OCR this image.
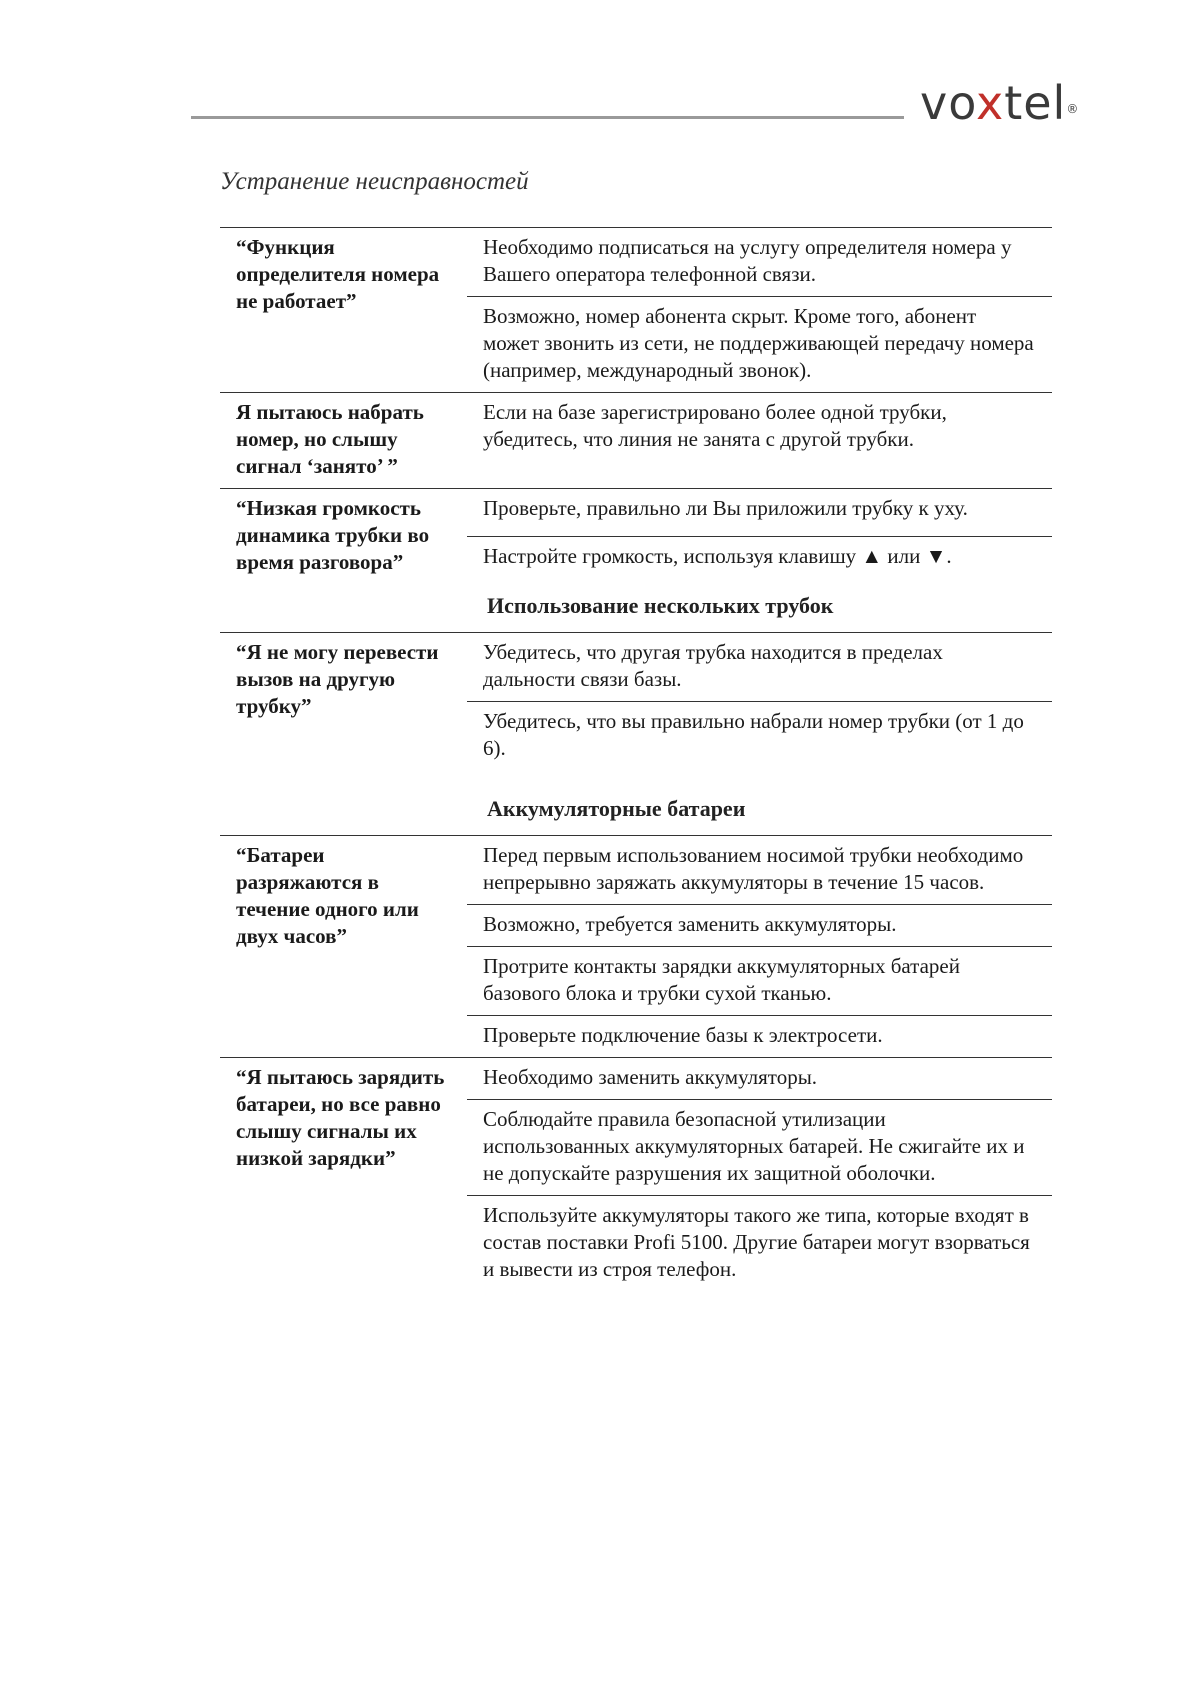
voxtel®
Устранение неисправностей
“Функция определителя номера не работает”	Необходимо подписаться на услугу определителя номера у Вашего оператора телефонной связи.
	Возможно, номер абонента скрыт. Кроме того, абонент может звонить из сети, не поддерживающей передачу номера (например, международный звонок).
Я пытаюсь набрать номер, но слышу сигнал ‘занято’ ”	Если на базе зарегистрировано более одной трубки, убедитесь, что линия не занята с другой трубки.
“Низкая громкость динамика трубки во время разговора”	Проверьте, правильно ли Вы приложили трубку к уху.
	Настройте громкость, используя клавишу ▲ или ▼.
Использование нескольких трубок
“Я не могу перевести вызов на другую трубку”	Убедитесь, что другая трубка находится в пределах дальности связи базы.
Убедитесь, что вы правильно набрали номер трубки (от 1 до 6).
Аккумуляторные батареи
“Батареи разряжаются в течение одного или двух часов”	Перед первым использованием носимой трубки необходимо непрерывно заряжать аккумуляторы в течение 15 часов.
	Возможно, требуется заменить аккумуляторы.
	Протрите контакты зарядки аккумуляторных батарей базового блока и трубки сухой тканью.
	Проверьте подключение базы к электросети.
“Я пытаюсь зарядить батареи, но все равно слышу сигналы их низкой зарядки”	Необходимо заменить аккумуляторы.
	Соблюдайте правила безопасной утилизации использованных аккумуляторных батарей. Не сжигайте их и не допускайте разрушения их защитной оболочки.
	Используйте аккумуляторы такого же типа, которые входят в состав поставки Profi 5100. Другие батареи могут взорваться и вывести из строя телефон.
